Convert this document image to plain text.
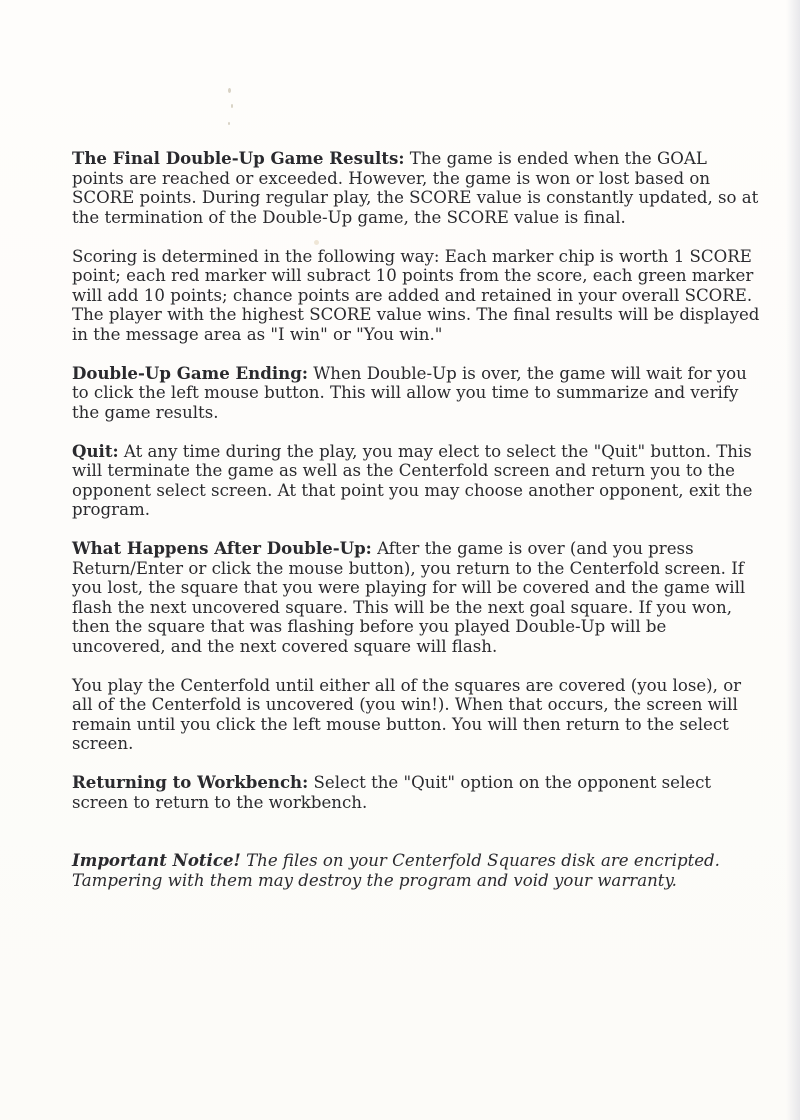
The Final Double-Up Game Results: The game is ended when the GOAL points are reached or exceeded. However, the game is won or lost based on SCORE points. During regular play, the SCORE value is constantly updated, so at the termination of the Double-Up game, the SCORE value is final.

Scoring is determined in the following way: Each marker chip is worth 1 SCORE point; each red marker will subract 10 points from the score, each green marker will add 10 points; chance points are added and retained in your overall SCORE. The player with the highest SCORE value wins. The final results will be displayed in the message area as "I win" or "You win."

Double-Up Game Ending: When Double-Up is over, the game will wait for you to click the left mouse button. This will allow you time to summarize and verify the game results.

Quit: At any time during the play, you may elect to select the "Quit" button. This will terminate the game as well as the Centerfold screen and return you to the opponent select screen. At that point you may choose another opponent, exit the program.

What Happens After Double-Up: After the game is over (and you press Return/Enter or click the mouse button), you return to the Centerfold screen. If you lost, the square that you were playing for will be covered and the game will flash the next uncovered square. This will be the next goal square. If you won, then the square that was flashing before you played Double-Up will be uncovered, and the next covered square will flash.

You play the Centerfold until either all of the squares are covered (you lose), or all of the Centerfold is uncovered (you win!). When that occurs, the screen will remain until you click the left mouse button. You will then return to the select screen.

Returning to Workbench: Select the "Quit" option on the opponent select screen to return to the workbench.

Important Notice! The files on your Centerfold Squares disk are encripted. Tampering with them may destroy the program and void your warranty.
